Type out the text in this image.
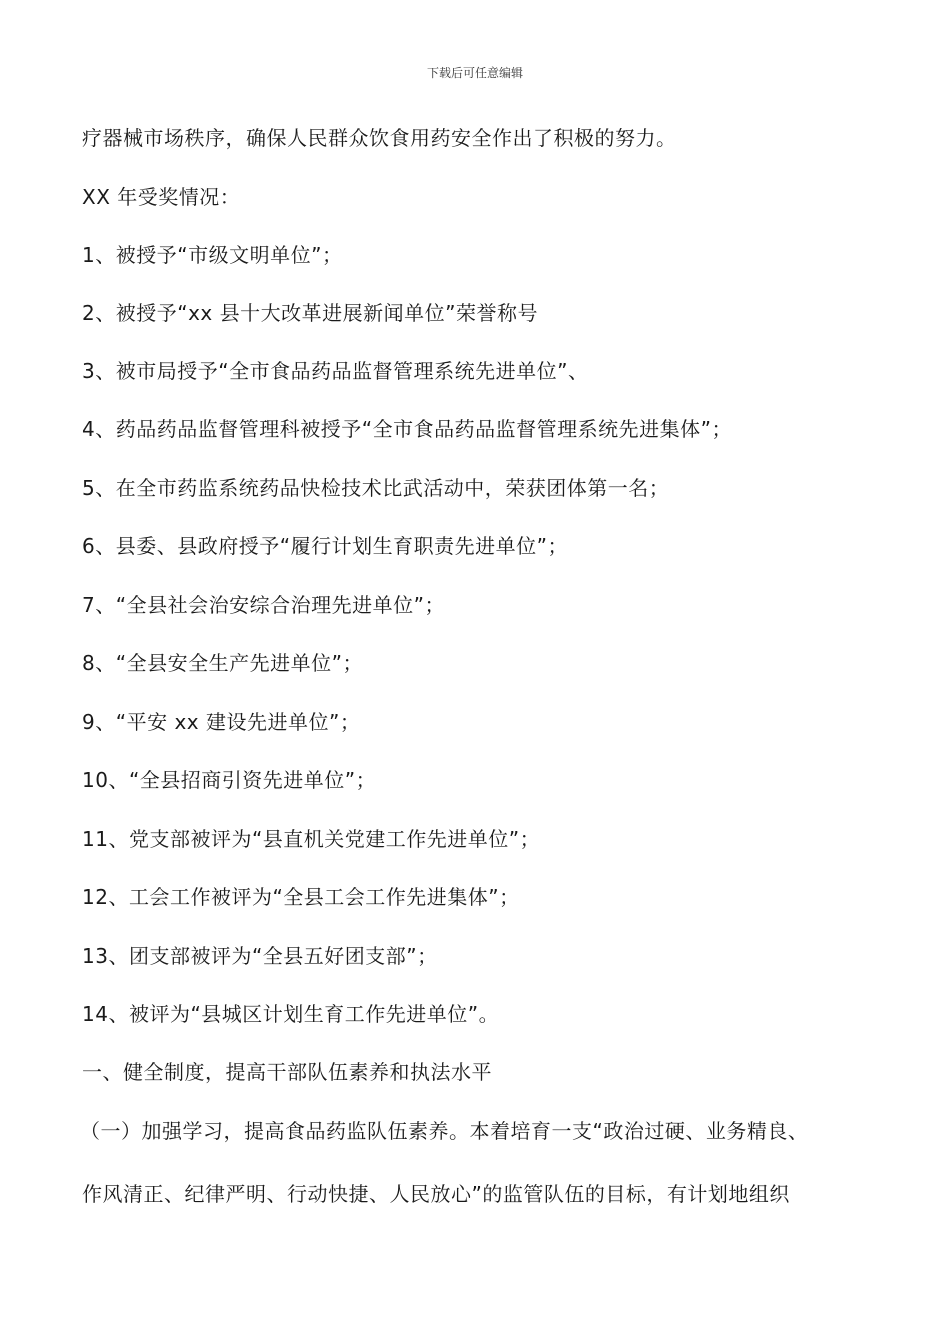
下载后可任意编辑
疗器械市场秩序，确保人民群众饮食用药安全作出了积极的努力。
XX 年受奖情况：
1、被授予“市级文明单位”；
2、被授予“xx 县十大改革进展新闻单位”荣誉称号
3、被市局授予“全市食品药品监督管理系统先进单位”、
4、药品药品监督管理科被授予“全市食品药品监督管理系统先进集体”；
5、在全市药监系统药品快检技术比武活动中，荣获团体第一名；
6、县委、县政府授予“履行计划生育职责先进单位”；
7、“全县社会治安综合治理先进单位”；
8、“全县安全生产先进单位”；
9、“平安 xx 建设先进单位”；
10、“全县招商引资先进单位”；
11、党支部被评为“县直机关党建工作先进单位”；
12、工会工作被评为“全县工会工作先进集体”；
13、团支部被评为“全县五好团支部”；
14、被评为“县城区计划生育工作先进单位”。
一、健全制度，提高干部队伍素养和执法水平
（一）加强学习，提高食品药监队伍素养。本着培育一支“政治过硬、业务精良、
作风清正、纪律严明、行动快捷、人民放心”的监管队伍的目标，有计划地组织
